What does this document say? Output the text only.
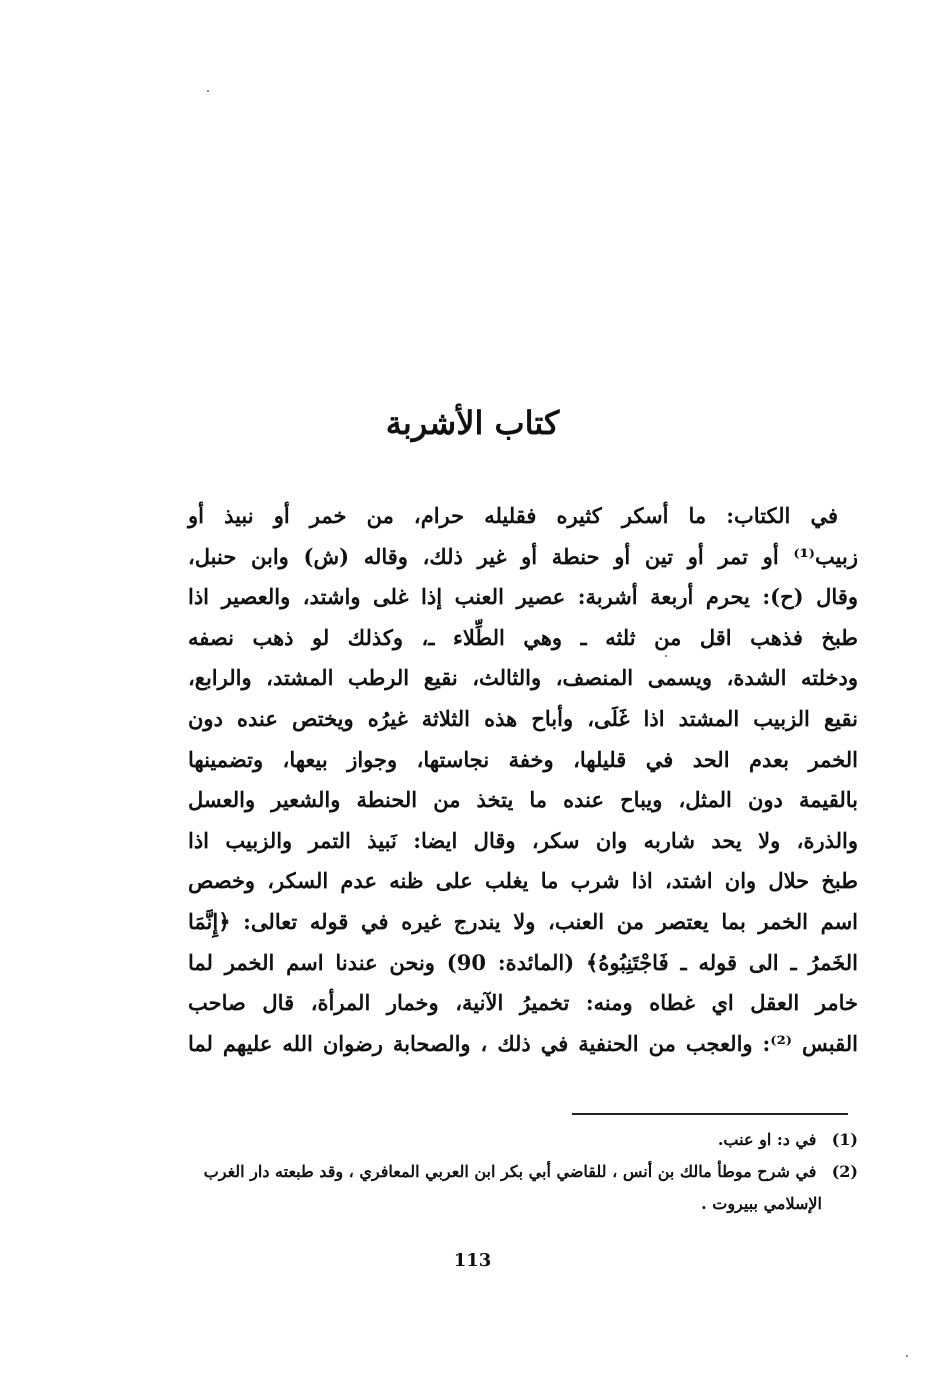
كتاب الأشربة
في الكتاب: ما أسكر كثيره فقليله حرام، من خمر أو نبيذ أو
زبيب⁽¹⁾ أو تمر أو تين أو حنطة أو غير ذلك، وقاله (ش) وابن حنبل،
وقال (ح): يحرم أربعة أشربة: عصير العنب إذا غلى واشتد، والعصير اذا
طبخ فذهب اقل من ثلثه ـ وهي الطِّلاء ـ، وكذلك لو ذهب نصفه
ودخلته الشدة، ويسمى المنصف، والثالث، نقيع الرطب المشتد، والرابع،
نقيع الزبيب المشتد اذا غَلَى، وأباح هذه الثلاثة غيرُه ويختص عنده دون
الخمر بعدم الحد في قليلها، وخفة نجاستها، وجواز بيعها، وتضمينها
بالقيمة دون المثل، ويباح عنده ما يتخذ من الحنطة والشعير والعسل
والذرة، ولا يحد شاربه وان سكر، وقال ايضا: نَبيذ التمر والزبيب اذا
طبخ حلال وان اشتد، اذا شرب ما يغلب على ظنه عدم السكر، وخصص
اسم الخمر بما يعتصر من العنب، ولا يندرج غيره في قوله تعالى: ﴿إِنَّمَا
الخَمرُ ـ الى قوله ـ فَاجْتَنِبُوهُ﴾ (المائدة: 90) ونحن عندنا اسم الخمر لما
خامر العقل اي غطاه ومنه: تخميرُ الآنية، وخمار المرأة، قال صاحب
القبس ⁽²⁾: والعجب من الحنفية في ذلك ، والصحابة رضوان الله عليهم لما
(1) في د: او عنب.
(2) في شرح موطأ مالك بن أنس ، للقاضي أبي بكر ابن العربي المعافري ، وقد طبعته دار الغرب
الإسلامي ببيروت .
113
